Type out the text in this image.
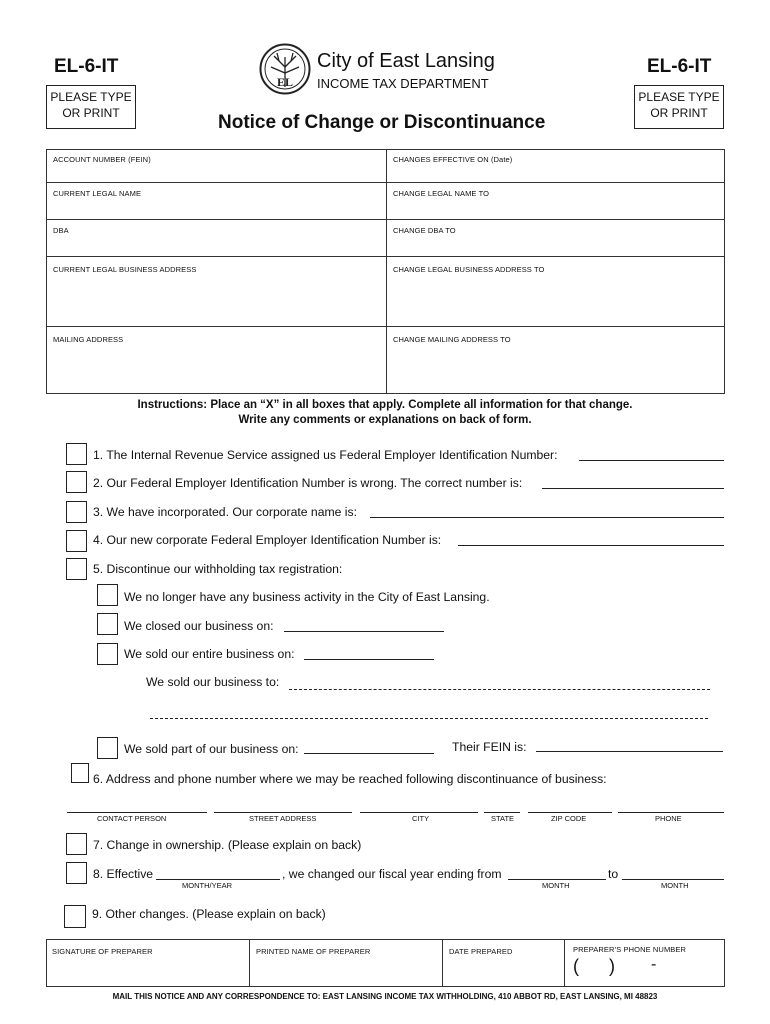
EL-6-IT
PLEASE TYPE
OR PRINT
EL-6-IT
PLEASE TYPE
OR PRINT
EL
City of East Lansing
INCOME TAX DEPARTMENT
Notice of Change or Discontinuance
ACCOUNT NUMBER (FEIN)	CHANGES EFFECTIVE ON (Date)
CURRENT LEGAL NAME	CHANGE LEGAL NAME TO
DBA	CHANGE DBA TO
CURRENT LEGAL BUSINESS ADDRESS	CHANGE LEGAL BUSINESS ADDRESS TO
MAILING ADDRESS	CHANGE MAILING ADDRESS TO
Instructions: Place an “X” in all boxes that apply. Complete all information for that change.
Write any comments or explanations on back of form.
1. The Internal Revenue Service assigned us Federal Employer Identification Number:
2. Our Federal Employer Identification Number is wrong. The correct number is:
3. We have incorporated. Our corporate name is:
4. Our new corporate Federal Employer Identification Number is:
5. Discontinue our withholding tax registration:
We no longer have any business activity in the City of East Lansing.
We closed our business on:
We sold our entire business on:
We sold our business to:
We sold part of our business on:	Their FEIN is:
6. Address and phone number where we may be reached following discontinuance of business:
CONTACT PERSON	STREET ADDRESS	CITY	STATE	ZIP CODE	PHONE
7. Change in ownership. (Please explain on back)
8. Effective	, we changed our fiscal year ending from	to
MONTH/YEAR	MONTH	MONTH
9. Other changes. (Please explain on back)
SIGNATURE OF PREPARER	PRINTED NAME OF PREPARER	DATE PREPARED	PREPARER’S PHONE NUMBER
( ) -
MAIL THIS NOTICE AND ANY CORRESPONDENCE TO: EAST LANSING INCOME TAX WITHHOLDING, 410 ABBOT RD, EAST LANSING, MI 48823
